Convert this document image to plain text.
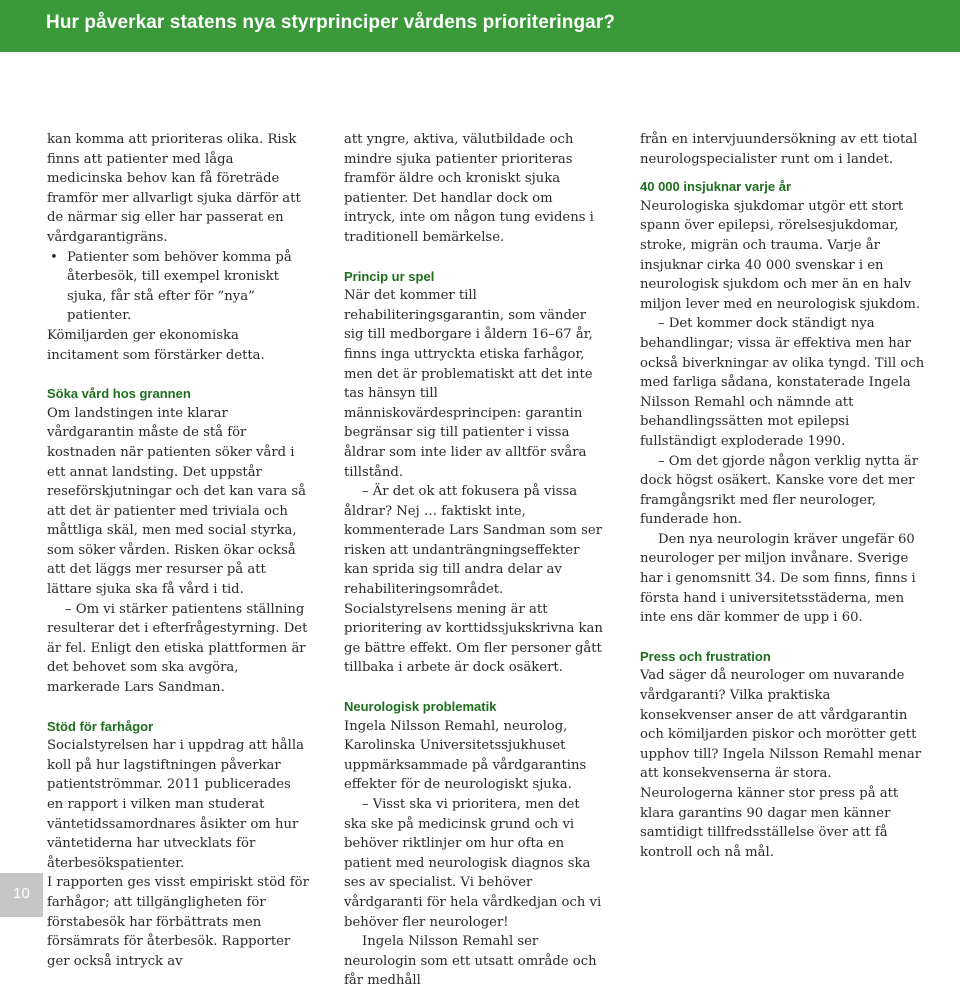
Hur påverkar statens nya styrprinciper vårdens prioriteringar?

kan komma att prioriteras olika. Risk finns att patienter med låga medicinska behov kan få företräde framför mer allvarligt sjuka därför att de närmar sig eller har passerat en vårdgarantigräns.

• Patienter som behöver komma på återbesök, till exempel kroniskt sjuka, får stå efter för ”nya” patienter.

Kömiljarden ger ekonomiska incitament som förstärker detta.

Söka vård hos grannen

Om landstingen inte klarar vårdgarantin måste de stå för kostnaden när patienten söker vård i ett annat landsting. Det uppstår reseförskjutningar och det kan vara så att det är patienter med triviala och måttliga skäl, men med social styrka, som söker vården. Risken ökar också att det läggs mer resurser på att lättare sjuka ska få vård i tid.

– Om vi stärker patientens ställning resulterar det i efterfrågestyrning. Det är fel. Enligt den etiska plattformen är det behovet som ska avgöra, markerade Lars Sandman.

Stöd för farhågor

Socialstyrelsen har i uppdrag att hålla koll på hur lagstiftningen påverkar patientströmmar. 2011 publicerades en rapport i vilken man studerat väntetidssamordnares åsikter om hur väntetiderna har utvecklats för återbesökspatienter.

I rapporten ges visst empiriskt stöd för farhågor; att tillgängligheten för förstabesök har förbättrats men försämrats för återbesök. Rapporter ger också intryck av

att yngre, aktiva, välutbildade och mindre sjuka patienter prioriteras framför äldre och kroniskt sjuka patienter. Det handlar dock om intryck, inte om någon tung evidens i traditionell bemärkelse.

Princip ur spel

När det kommer till rehabiliteringsgarantin, som vänder sig till medborgare i åldern 16–67 år, finns inga uttryckta etiska farhågor, men det är problematiskt att det inte tas hänsyn till människovärdesprincipen: garantin begränsar sig till patienter i vissa åldrar som inte lider av alltför svåra tillstånd.

– Är det ok att fokusera på vissa åldrar? Nej … faktiskt inte, kommenterade Lars Sandman som ser risken att undanträngningseffekter kan sprida sig till andra delar av rehabiliteringsområdet. Socialstyrelsens mening är att prioritering av korttidssjukskrivna kan ge bättre effekt. Om fler personer gått tillbaka i arbete är dock osäkert.

Neurologisk problematik

Ingela Nilsson Remahl, neurolog, Karolinska Universitetssjukhuset uppmärksammade på vårdgarantins effekter för de neurologiskt sjuka.

– Visst ska vi prioritera, men det ska ske på medicinsk grund och vi behöver riktlinjer om hur ofta en patient med neurologisk diagnos ska ses av specialist. Vi behöver vårdgaranti för hela vårdkedjan och vi behöver fler neurologer!

Ingela Nilsson Remahl ser neurologin som ett utsatt område och får medhåll

från en intervjuundersökning av ett tiotal neurologspecialister runt om i landet.

40 000 insjuknar varje år

Neurologiska sjukdomar utgör ett stort spann över epilepsi, rörelsesjukdomar, stroke, migrän och trauma. Varje år insjuknar cirka 40 000 svenskar i en neurologisk sjukdom och mer än en halv miljon lever med en neurologisk sjukdom.

– Det kommer dock ständigt nya behandlingar; vissa är effektiva men har också biverkningar av olika tyngd. Till och med farliga sådana, konstaterade Ingela Nilsson Remahl och nämnde att behandlingssätten mot epilepsi fullständigt exploderade 1990.

– Om det gjorde någon verklig nytta är dock högst osäkert. Kanske vore det mer framgångsrikt med fler neurologer, funderade hon.

Den nya neurologin kräver ungefär 60 neurologer per miljon invånare. Sverige har i genomsnitt 34. De som finns, finns i första hand i universitetsstäderna, men inte ens där kommer de upp i 60.

Press och frustration

Vad säger då neurologer om nuvarande vårdgaranti? Vilka praktiska konsekvenser anser de att vårdgarantin och kömiljarden piskor och morötter gett upphov till? Ingela Nilsson Remahl menar att konsekvenserna är stora. Neurologerna känner stor press på att klara garantins 90 dagar men känner samtidigt tillfredsställelse över att få kontroll och nå mål.

10
